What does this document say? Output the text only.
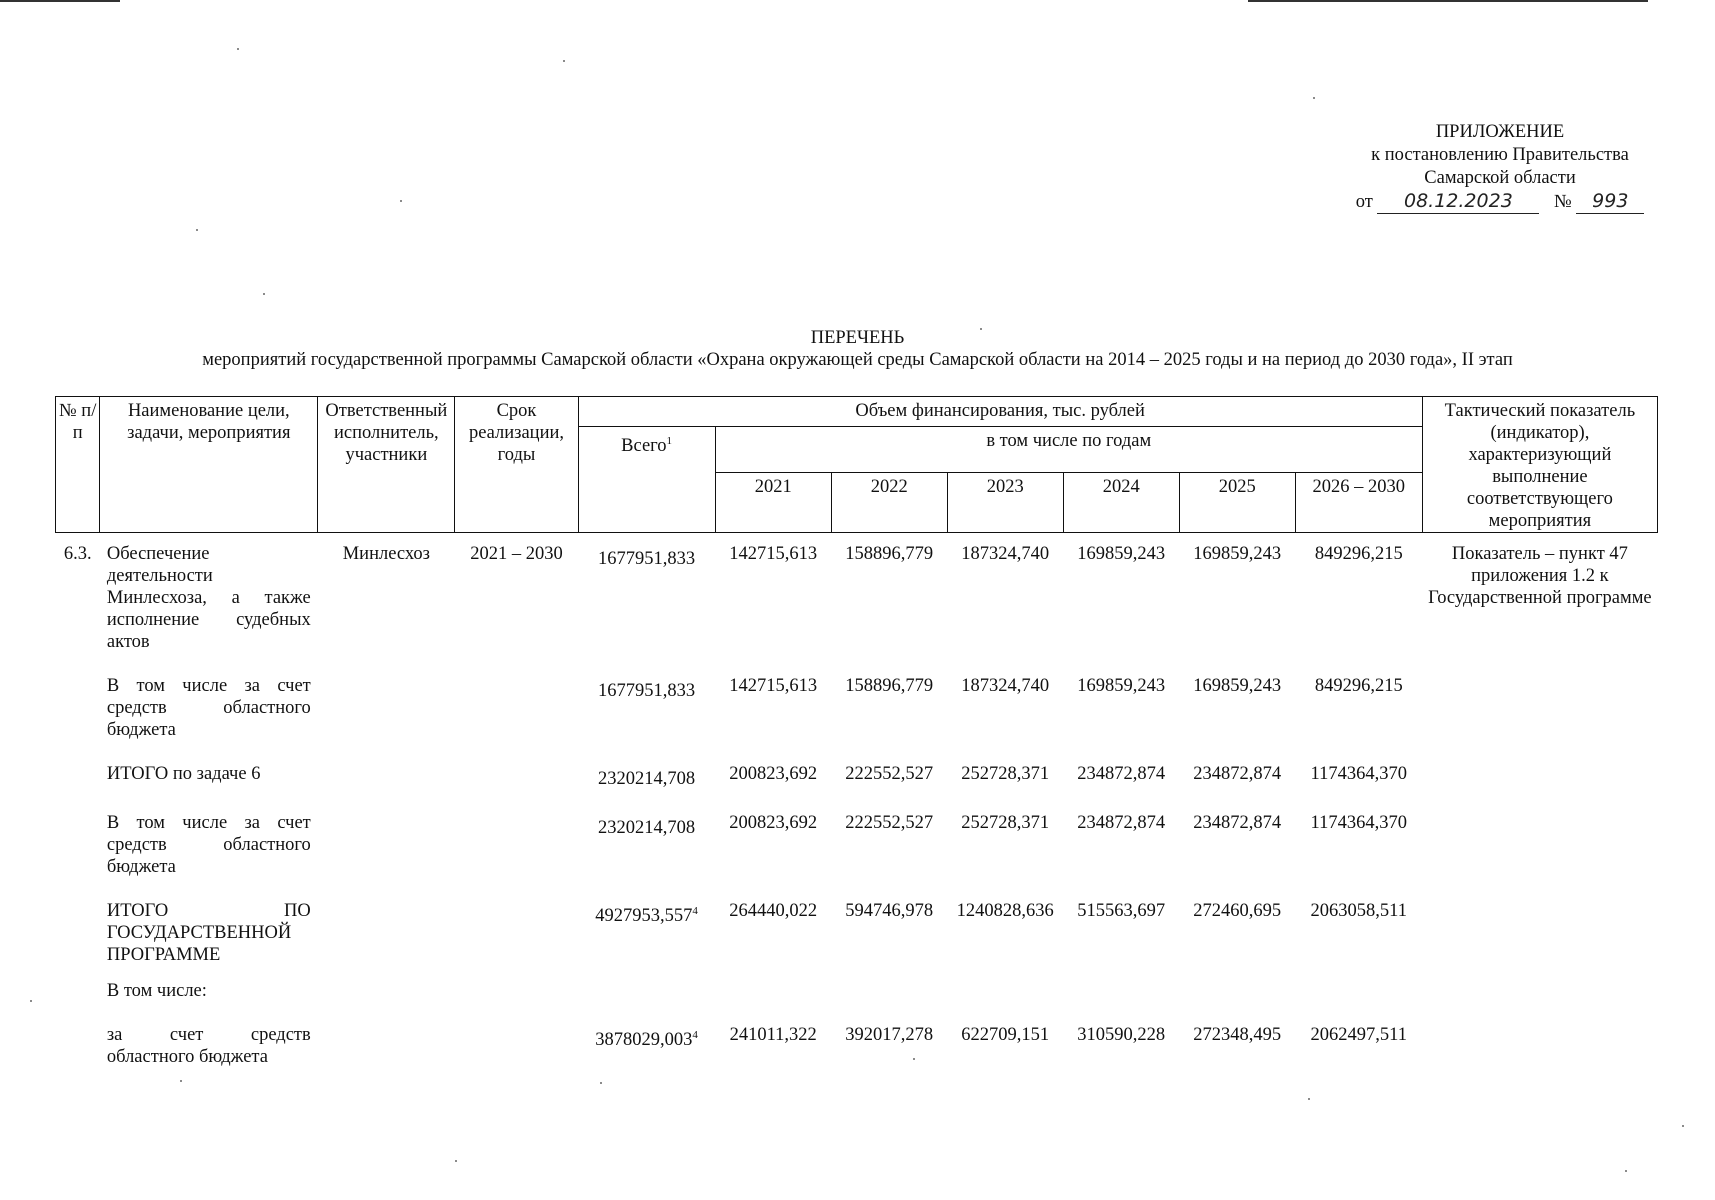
ПРИЛОЖЕНИЕ
к постановлению Правительства
Самарской области
от 08.12.2023 № 993
ПЕРЕЧЕНЬ
мероприятий государственной программы Самарской области «Охрана окружающей среды Самарской области на 2014 – 2025 годы и на период до 2030 года», II этап
№ п/п	Наименование цели, задачи, мероприятия	Ответственный исполнитель, участники	Срок реализации, годы	Объем финансирования, тыс. рублей							Тактический показатель (индикатор), характеризующий выполнение соответствующего мероприятия
				Всего$^1$	в том числе по годам						
					2021	2022	2023	2024	2025	2026 – 2030	
6.3.	Обеспечение деятельности Минлесхоза, а также исполнение судебных актов	Минлесхоз	2021 – 2030	1677951,833	142715,613	158896,779	187324,740	169859,243	169859,243	849296,215	Показатель – пункт 47 приложения 1.2 к Государственной программе

	В том числе за счет средств областного бюджета			1677951,833	142715,613	158896,779	187324,740	169859,243	169859,243	849296,215	

	ИТОГО по задаче 6			2320214,708	200823,692	222552,527	252728,371	234872,874	234872,874	1174364,370	

	В том числе за счет средств областного бюджета			2320214,708	200823,692	222552,527	252728,371	234872,874	234872,874	1174364,370	

	ИТОГО ПО ГОСУДАРСТВЕННОЙ ПРОГРАММЕ			4927953,557$^4$	264440,022	594746,978	1240828,636	515563,697	272460,695	2063058,511	

	В том числе:										

	за счет средств областного бюджета			3878029,003$^4$	241011,322	392017,278	622709,151	310590,228	272348,495	2062497,511	
